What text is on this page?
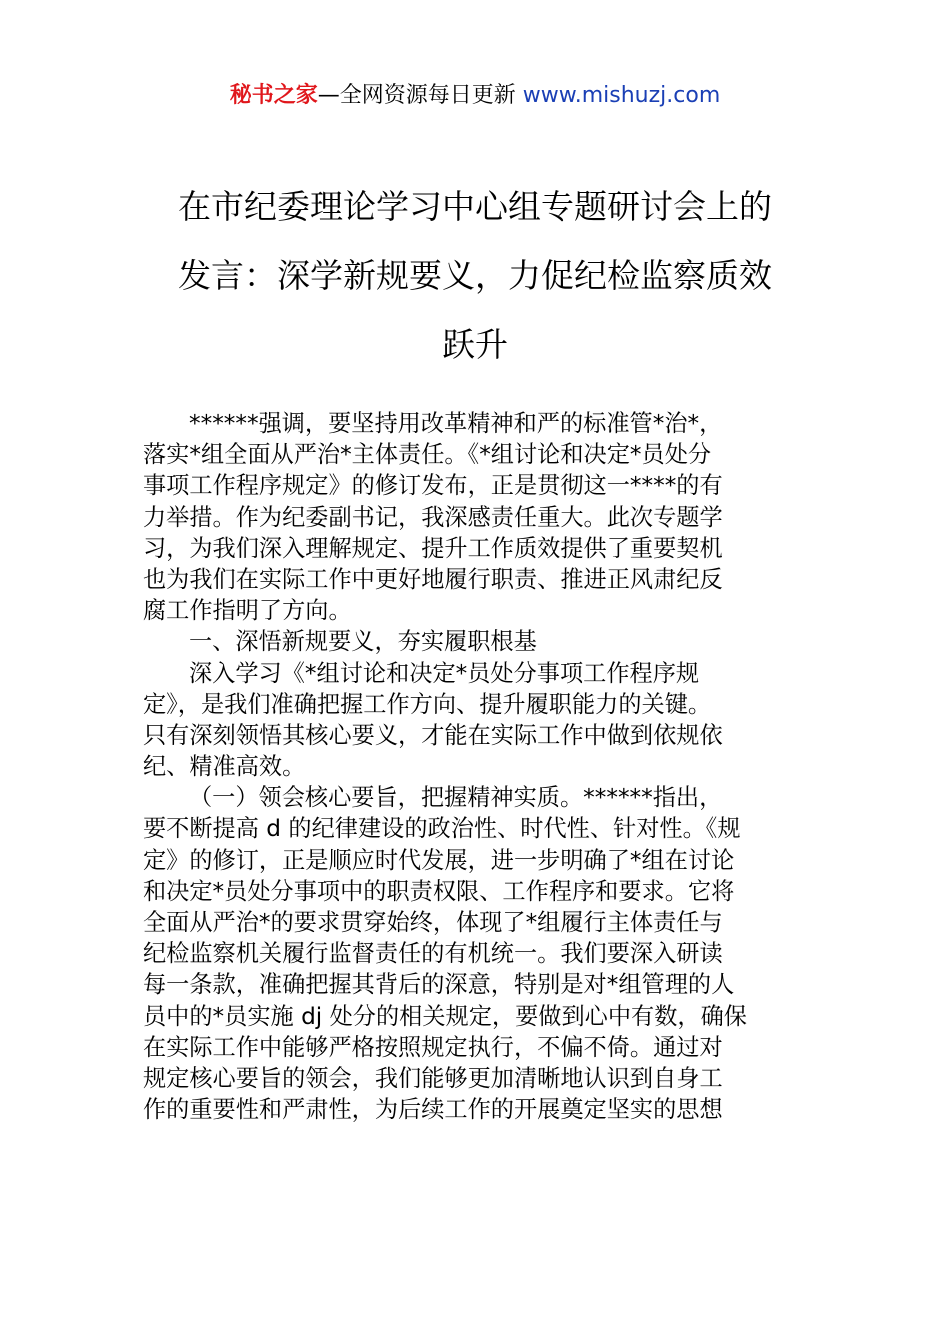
秘书之家—全网资源每日更新 www.mishuzj.com
在市纪委理论学习中心组专题研讨会上的
发言：深学新规要义，力促纪检监察质效
跃升
******强调，要坚持用改革精神和严的标准管*治*，
落实*组全面从严治*主体责任。《*组讨论和决定*员处分
事项工作程序规定》的修订发布，正是贯彻这一****的有
力举措。作为纪委副书记，我深感责任重大。此次专题学
习，为我们深入理解规定、提升工作质效提供了重要契机
也为我们在实际工作中更好地履行职责、推进正风肃纪反
腐工作指明了方向。
一、深悟新规要义，夯实履职根基
深入学习《*组讨论和决定*员处分事项工作程序规
定》，是我们准确把握工作方向、提升履职能力的关键。
只有深刻领悟其核心要义，才能在实际工作中做到依规依
纪、精准高效。
（一）领会核心要旨，把握精神实质。******指出，
要不断提高 d 的纪律建设的政治性、时代性、针对性。《规
定》的修订，正是顺应时代发展，进一步明确了*组在讨论
和决定*员处分事项中的职责权限、工作程序和要求。它将
全面从严治*的要求贯穿始终，体现了*组履行主体责任与
纪检监察机关履行监督责任的有机统一。我们要深入研读
每一条款，准确把握其背后的深意，特别是对*组管理的人
员中的*员实施 dj 处分的相关规定，要做到心中有数，确保
在实际工作中能够严格按照规定执行，不偏不倚。通过对
规定核心要旨的领会，我们能够更加清晰地认识到自身工
作的重要性和严肃性，为后续工作的开展奠定坚实的思想
